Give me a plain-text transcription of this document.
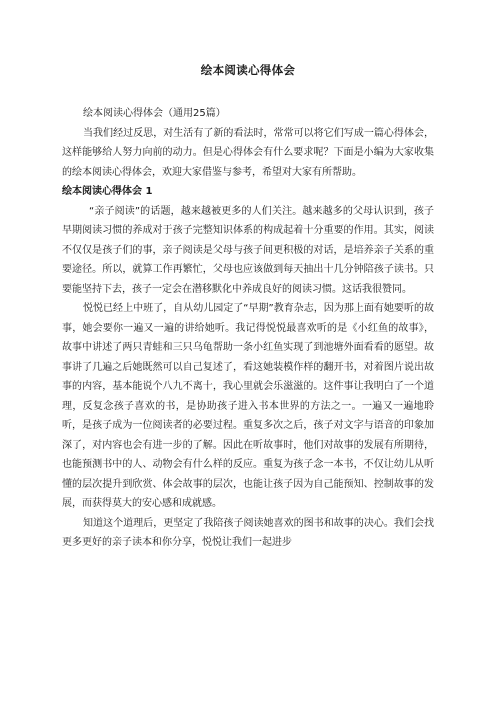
绘本阅读心得体会

绘本阅读心得体会（通用25篇）

当我们经过反思，对生活有了新的看法时，常常可以将它们写成一篇心得体会，这样能够给人努力向前的动力。但是心得体会有什么要求呢？下面是小编为大家收集的绘本阅读心得体会，欢迎大家借鉴与参考，希望对大家有所帮助。

绘本阅读心得体会 1

“亲子阅读”的话题，越来越被更多的人们关注。越来越多的父母认识到，孩子早期阅读习惯的养成对于孩子完整知识体系的构成起着十分重要的作用。其实，阅读不仅仅是孩子们的事，亲子阅读是父母与孩子间更积极的对话，是培养亲子关系的重要途径。所以，就算工作再繁忙，父母也应该做到每天抽出十几分钟陪孩子读书。只要能坚持下去，孩子一定会在潜移默化中养成良好的阅读习惯。这话我很赞同。

悦悦已经上中班了，自从幼儿园定了“早期”教育杂志，因为那上面有她要听的故事，她会要你一遍又一遍的讲给她听。我记得悦悦最喜欢听的是《小红鱼的故事》，故事中讲述了两只青蛙和三只乌龟帮助一条小红鱼实现了到池塘外面看看的愿望。故事讲了几遍之后她既然可以自己复述了，看这她装模作样的翻开书，对着图片说出故事的内容，基本能说个八九不离十，我心里就会乐滋滋的。这件事让我明白了一个道理，反复念孩子喜欢的书，是协助孩子进入书本世界的方法之一。一遍又一遍地聆听，是孩子成为一位阅读者的必要过程。重复多次之后，孩子对文字与语音的印象加深了，对内容也会有进一步的了解。因此在听故事时，他们对故事的发展有所期待，也能预测书中的人、动物会有什么样的反应。重复为孩子念一本书，不仅让幼儿从听懂的层次提升到欣赏、体会故事的层次，也能让孩子因为自己能预知、控制故事的发展，而获得莫大的安心感和成就感。

知道这个道理后，更坚定了我陪孩子阅读她喜欢的图书和故事的决心。我们会找更多更好的亲子读本和你分享，悦悦让我们一起进步
